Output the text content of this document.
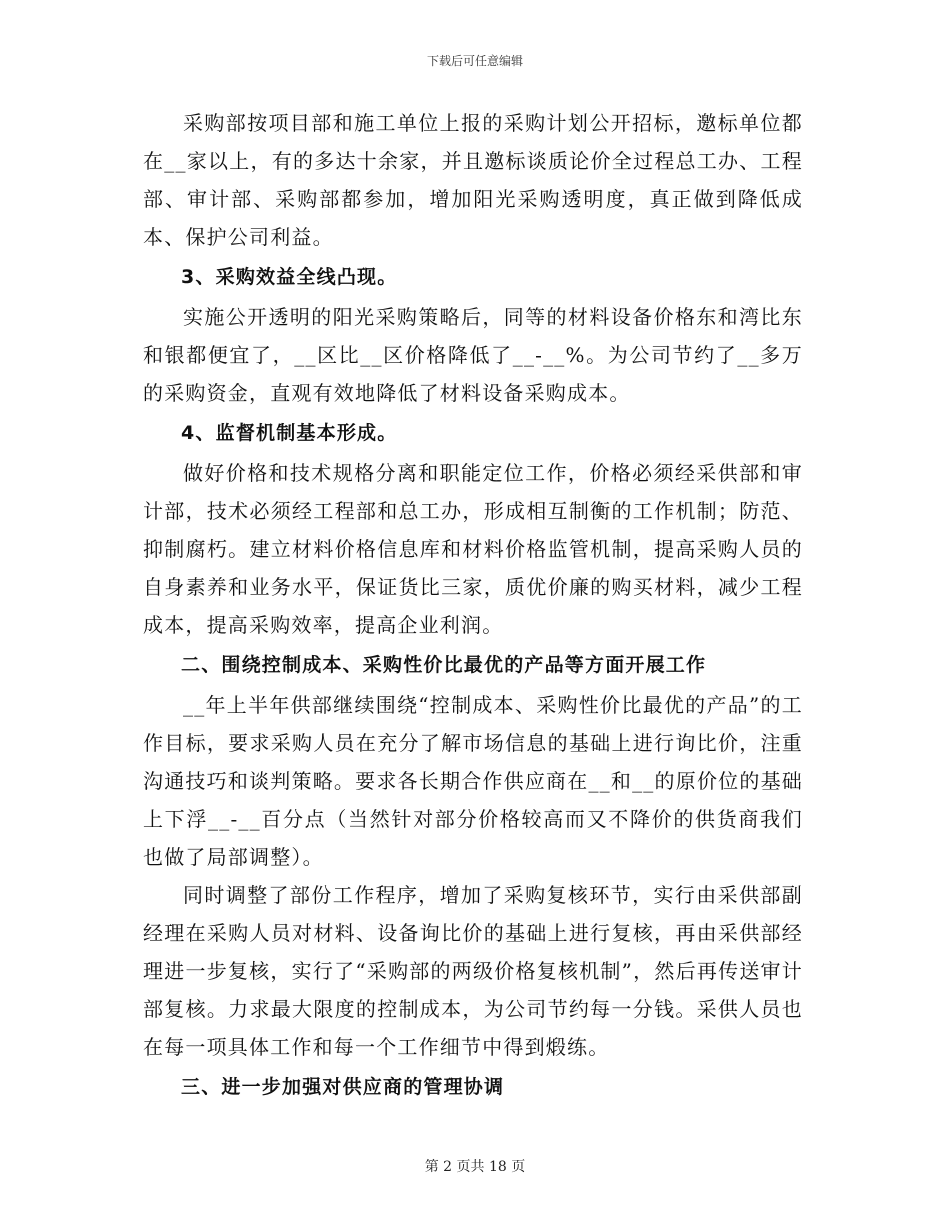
下载后可任意编辑

采购部按项目部和施工单位上报的采购计划公开招标，邀标单位都在__家以上，有的多达十余家，并且邀标谈质论价全过程总工办、工程部、审计部、采购部都参加，增加阳光采购透明度，真正做到降低成本、保护公司利益。

3、采购效益全线凸现。

实施公开透明的阳光采购策略后，同等的材料设备价格东和湾比东和银都便宜了，__区比__区价格降低了__-__%。为公司节约了__多万的采购资金，直观有效地降低了材料设备采购成本。

4、监督机制基本形成。

做好价格和技术规格分离和职能定位工作，价格必须经采供部和审计部，技术必须经工程部和总工办，形成相互制衡的工作机制；防范、抑制腐朽。建立材料价格信息库和材料价格监管机制，提高采购人员的自身素养和业务水平，保证货比三家，质优价廉的购买材料，减少工程成本，提高采购效率，提高企业利润。

二、围绕控制成本、采购性价比最优的产品等方面开展工作

__年上半年供部继续围绕“控制成本、采购性价比最优的产品”的工作目标，要求采购人员在充分了解市场信息的基础上进行询比价，注重沟通技巧和谈判策略。要求各长期合作供应商在__和__的原价位的基础上下浮__-__百分点（当然针对部分价格较高而又不降价的供货商我们也做了局部调整）。

同时调整了部份工作程序，增加了采购复核环节，实行由采供部副经理在采购人员对材料、设备询比价的基础上进行复核，再由采供部经理进一步复核，实行了“采购部的两级价格复核机制”，然后再传送审计部复核。力求最大限度的控制成本，为公司节约每一分钱。采供人员也在每一项具体工作和每一个工作细节中得到煅练。

三、进一步加强对供应商的管理协调

第 2 页共 18 页
